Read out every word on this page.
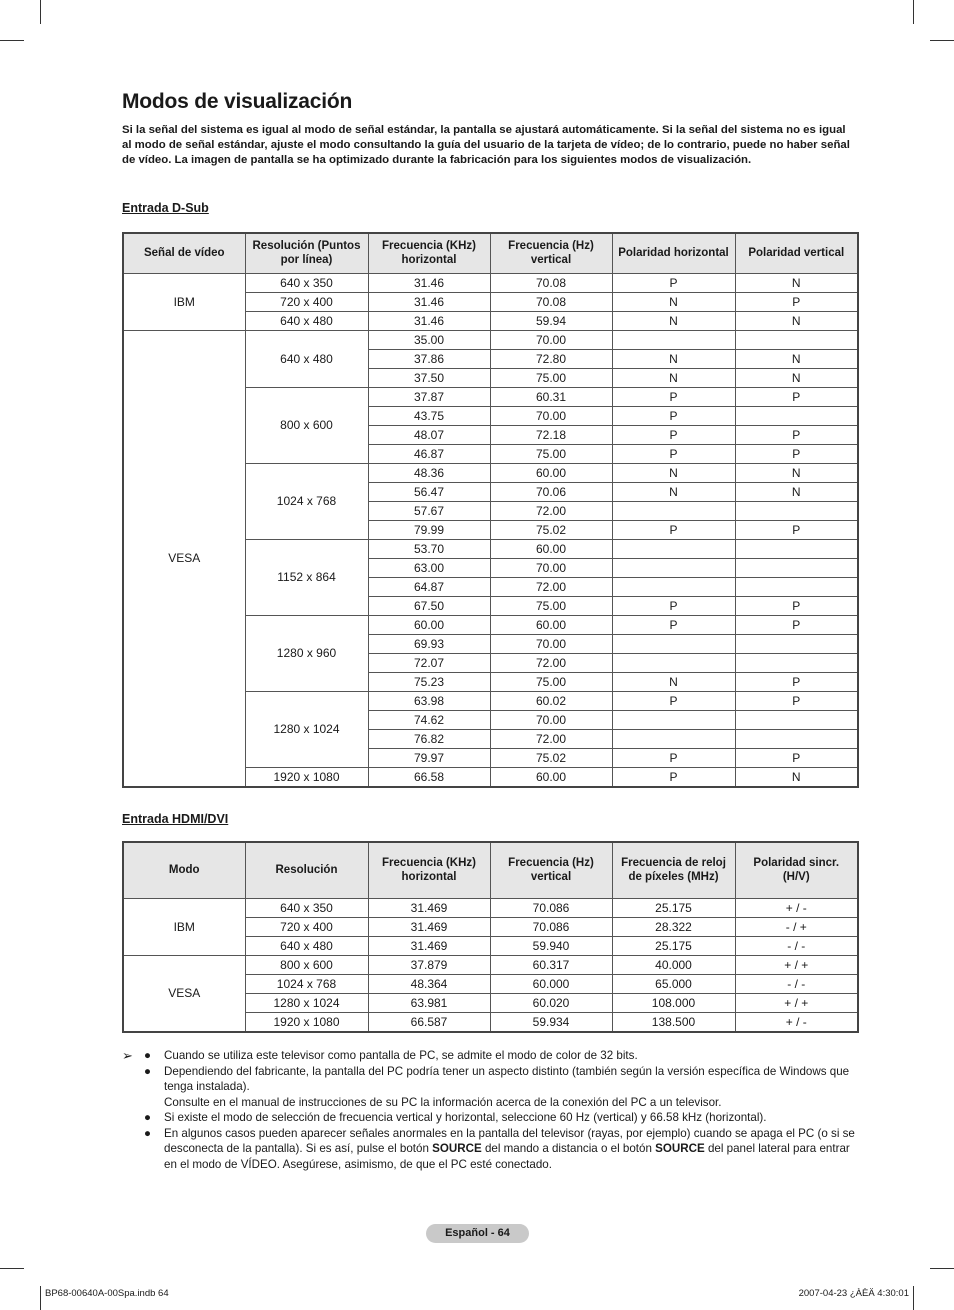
Modos de visualización

Si la señal del sistema es igual al modo de señal estándar, la pantalla se ajustará automáticamente. Si la señal del sistema no es igual al modo de señal estándar, ajuste el modo consultando la guía del usuario de la tarjeta de vídeo; de lo contrario, puede no haber señal de vídeo. La imagen de pantalla se ha optimizado durante la fabricación para los siguientes modos de visualización.

Entrada D-Sub
Señal de vídeo	Resolución (Puntos por línea)	Frecuencia (KHz) horizontal	Frecuencia (Hz) vertical	Polaridad horizontal	Polaridad vertical
IBM	640 x 350	31.46	70.08	P	N
	720 x 400	31.46	70.08	N	P
	640 x 480	31.46	59.94	N	N
VESA	640 x 480	35.00	70.00		
		37.86	72.80	N	N
		37.50	75.00	N	N
	800 x 600	37.87	60.31	P	P
		43.75	70.00	P	
		48.07	72.18	P	P
		46.87	75.00	P	P
	1024 x 768	48.36	60.00	N	N
		56.47	70.06	N	N
		57.67	72.00		
		79.99	75.02	P	P
	1152 x 864	53.70	60.00		
		63.00	70.00		
		64.87	72.00		
		67.50	75.00	P	P
	1280 x 960	60.00	60.00	P	P
		69.93	70.00		
		72.07	72.00		
		75.23	75.00	N	P
	1280 x 1024	63.98	60.02	P	P
		74.62	70.00		
		76.82	72.00		
		79.97	75.02	P	P
	1920 x 1080	66.58	60.00	P	N
Entrada HDMI/DVI
Modo	Resolución	Frecuencia (KHz) horizontal	Frecuencia (Hz) vertical	Frecuencia de reloj de píxeles (MHz)	Polaridad sincr. (H/V)
IBM	640 x 350	31.469	70.086	25.175	+ / -
	720 x 400	31.469	70.086	28.322	- / +
	640 x 480	31.469	59.940	25.175	- / -
VESA	800 x 600	37.879	60.317	40.000	+ / +
	1024 x 768	48.364	60.000	65.000	- / -
	1280 x 1024	63.981	60.020	108.000	+ / +
	1920 x 1080	66.587	59.934	138.500	+ / -
➢ ● Cuando se utiliza este televisor como pantalla de PC, se admite el modo de color de 32 bits.
● Dependiendo del fabricante, la pantalla del PC podría tener un aspecto distinto (también según la versión específica de Windows que tenga instalada).
Consulte en el manual de instrucciones de su PC la información acerca de la conexión del PC a un televisor.
● Si existe el modo de selección de frecuencia vertical y horizontal, seleccione 60 Hz (vertical) y 66.58 kHz (horizontal).
● En algunos casos pueden aparecer señales anormales en la pantalla del televisor (rayas, por ejemplo) cuando se apaga el PC (o si se desconecta de la pantalla). Si es así, pulse el botón SOURCE del mando a distancia o el botón SOURCE del panel lateral para entrar en el modo de VÍDEO. Asegúrese, asimismo, de que el PC esté conectado.
Español - 64
BP68-00640A-00Spa.indb 64	2007-04-23 ¿ÀÈÄ 4:30:01
